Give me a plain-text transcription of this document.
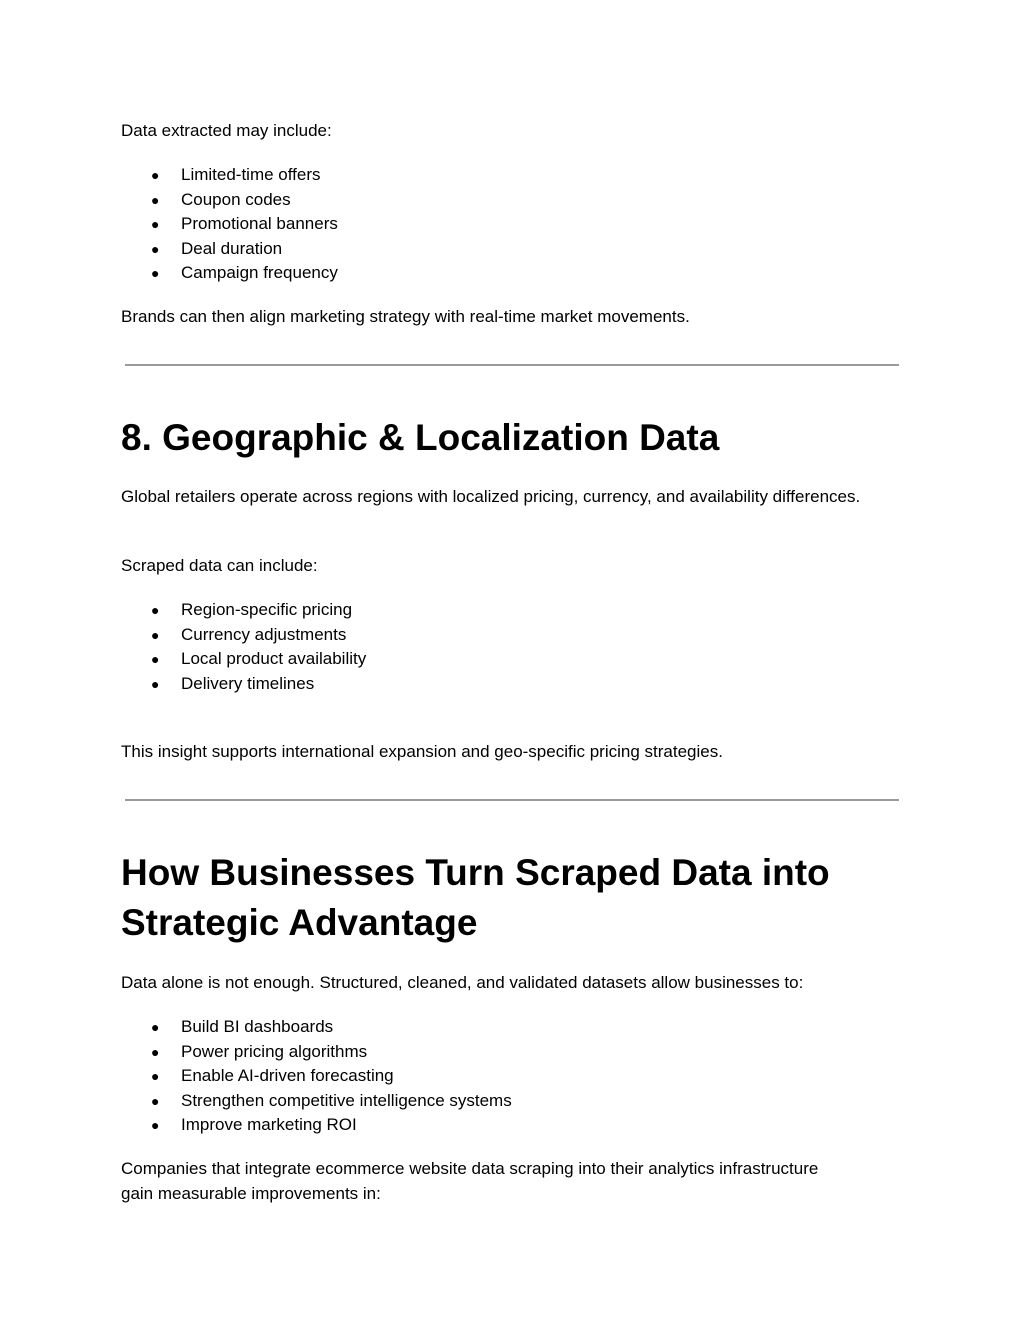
Data extracted may include:

● Limited-time offers
● Coupon codes
● Promotional banners
● Deal duration
● Campaign frequency

Brands can then align marketing strategy with real-time market movements.

8. Geographic & Localization Data

Global retailers operate across regions with localized pricing, currency, and availability differences.

Scraped data can include:

● Region-specific pricing
● Currency adjustments
● Local product availability
● Delivery timelines

This insight supports international expansion and geo-specific pricing strategies.

How Businesses Turn Scraped Data into
Strategic Advantage

Data alone is not enough. Structured, cleaned, and validated datasets allow businesses to:

● Build BI dashboards
● Power pricing algorithms
● Enable AI-driven forecasting
● Strengthen competitive intelligence systems
● Improve marketing ROI

Companies that integrate ecommerce website data scraping into their analytics infrastructure
gain measurable improvements in:
